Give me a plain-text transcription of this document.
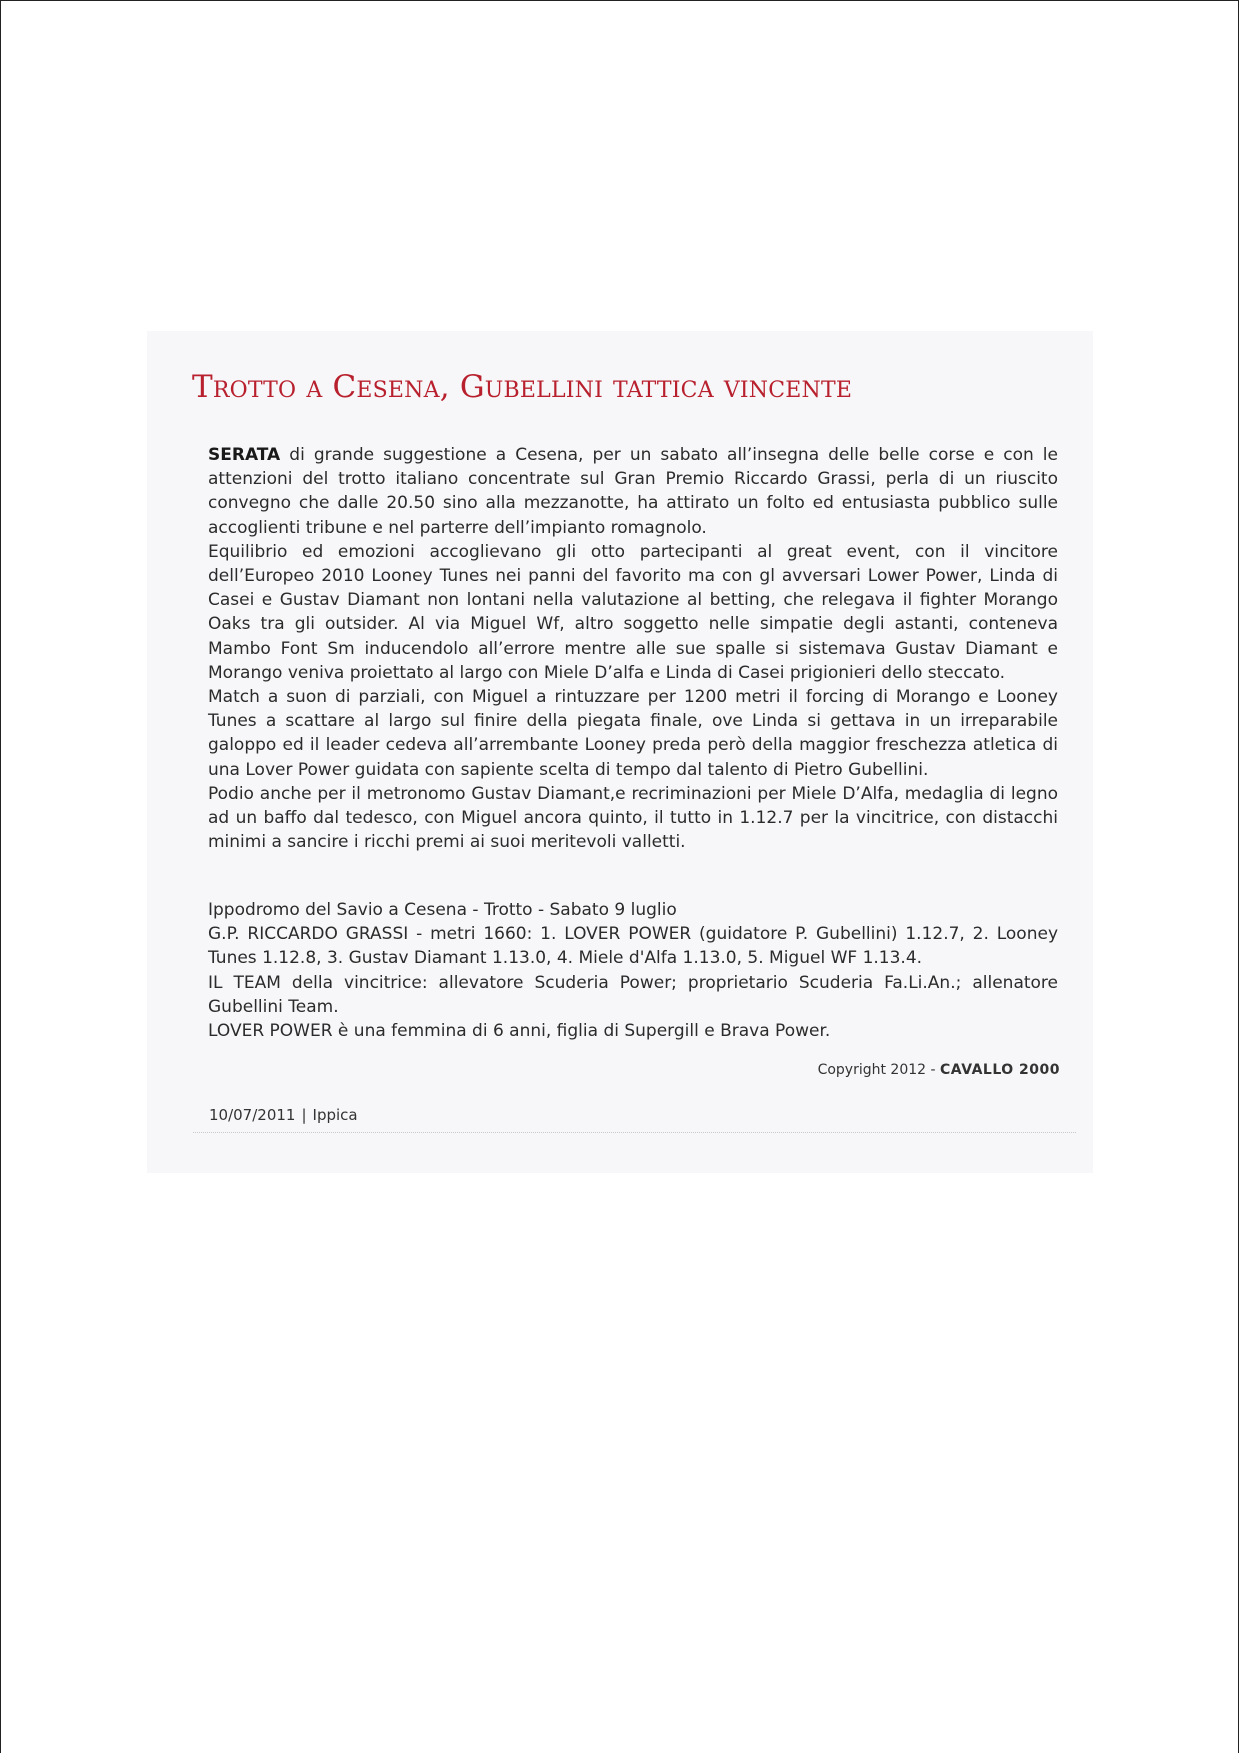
Trotto a Cesena, Gubellini tattica vincente

SERATA di grande suggestione a Cesena, per un sabato all’insegna delle belle corse e con le attenzioni del trotto italiano concentrate sul Gran Premio Riccardo Grassi, perla di un riuscito convegno che dalle 20.50 sino alla mezzanotte, ha attirato un folto ed entusiasta pubblico sulle accoglienti tribune e nel parterre dell’impianto romagnolo.

Equilibrio ed emozioni accoglievano gli otto partecipanti al great event, con il vincitore dell’Europeo 2010 Looney Tunes nei panni del favorito ma con gl avversari Lower Power, Linda di Casei e Gustav Diamant non lontani nella valutazione al betting, che relegava il fighter Morango Oaks tra gli outsider. Al via Miguel Wf, altro soggetto nelle simpatie degli astanti, conteneva Mambo Font Sm inducendolo all’errore mentre alle sue spalle si sistemava Gustav Diamant e Morango veniva proiettato al largo con Miele D’alfa e Linda di Casei prigionieri dello steccato.

Match a suon di parziali, con Miguel a rintuzzare per 1200 metri il forcing di Morango e Looney Tunes a scattare al largo sul finire della piegata finale, ove Linda si gettava in un irreparabile galoppo ed il leader cedeva all’arrembante Looney preda però della maggior freschezza atletica di una Lover Power guidata con sapiente scelta di tempo dal talento di Pietro Gubellini.

Podio anche per il metronomo Gustav Diamant,e recriminazioni per Miele D’Alfa, medaglia di legno ad un baffo dal tedesco, con Miguel ancora quinto, il tutto in 1.12.7 per la vincitrice, con distacchi minimi a sancire i ricchi premi ai suoi meritevoli valletti.

Ippodromo del Savio a Cesena - Trotto - Sabato 9 luglio

G.P. RICCARDO GRASSI - metri 1660: 1. LOVER POWER (guidatore P. Gubellini) 1.12.7, 2. Looney Tunes 1.12.8, 3. Gustav Diamant 1.13.0, 4. Miele d'Alfa 1.13.0, 5. Miguel WF 1.13.4.

IL TEAM della vincitrice: allevatore Scuderia Power; proprietario Scuderia Fa.Li.An.; allenatore Gubellini Team.

LOVER POWER è una femmina di 6 anni, figlia di Supergill e Brava Power.

Copyright 2012 - CAVALLO 2000
10/07/2011 | Ippica
